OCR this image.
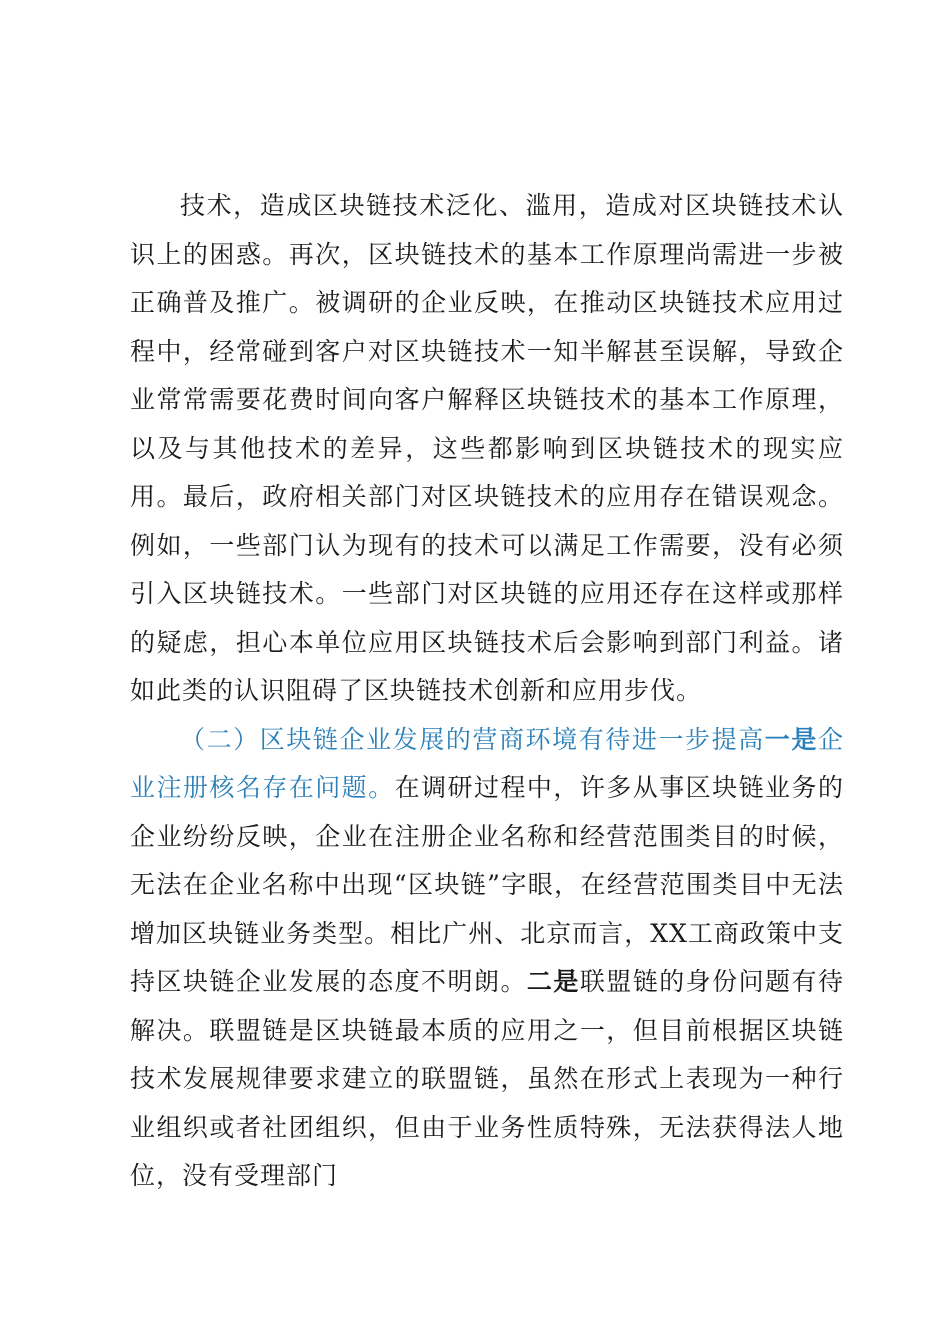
技术，造成区块链技术泛化、滥用，造成对区块链技术认识上的困惑。再次，区块链技术的基本工作原理尚需进一步被正确普及推广。被调研的企业反映，在推动区块链技术应用过程中，经常碰到客户对区块链技术一知半解甚至误解，导致企业常常需要花费时间向客户解释区块链技术的基本工作原理，以及与其他技术的差异，这些都影响到区块链技术的现实应用。最后，政府相关部门对区块链技术的应用存在错误观念。例如，一些部门认为现有的技术可以满足工作需要，没有必须引入区块链技术。一些部门对区块链的应用还存在这样或那样的疑虑，担心本单位应用区块链技术后会影响到部门利益。诸如此类的认识阻碍了区块链技术创新和应用步伐。

（二）区块链企业发展的营商环境有待进一步提高一是企业注册核名存在问题。在调研过程中，许多从事区块链业务的企业纷纷反映，企业在注册企业名称和经营范围类目的时候，无法在企业名称中出现“区块链”字眼，在经营范围类目中无法增加区块链业务类型。相比广州、北京而言，XX工商政策中支持区块链企业发展的态度不明朗。二是联盟链的身份问题有待解决。联盟链是区块链最本质的应用之一，但目前根据区块链技术发展规律要求建立的联盟链，虽然在形式上表现为一种行业组织或者社团组织，但由于业务性质特殊，无法获得法人地位，没有受理部门
